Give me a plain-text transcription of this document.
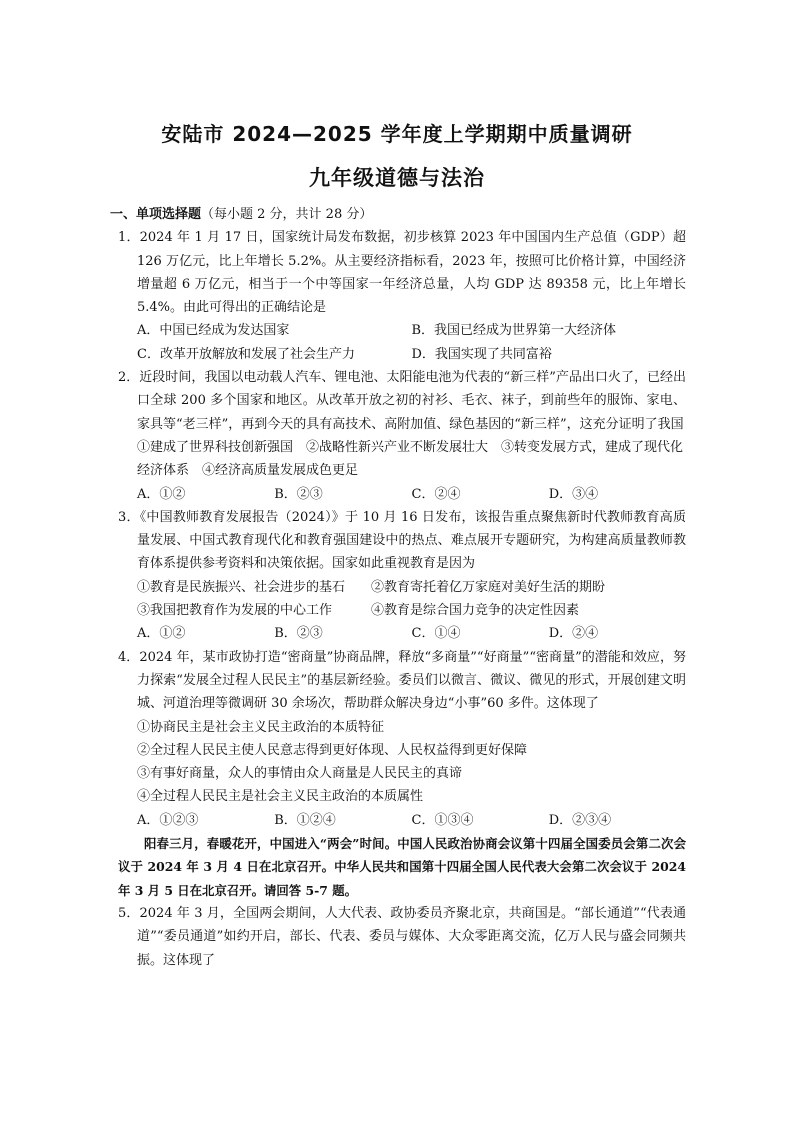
安陆市 2024—2025 学年度上学期期中质量调研
九年级道德与法治
一、单项选择题（每小题 2 分，共计 28 分）
1．2024 年 1 月 17 日，国家统计局发布数据，初步核算 2023 年中国国内生产总值（GDP）超 126 万亿元，比上年增长 5.2%。从主要经济指标看，2023 年，按照可比价格计算，中国经济增量超 6 万亿元，相当于一个中等国家一年经济总量，人均 GDP 达 89358 元，比上年增长 5.4%。由此可得出的正确结论是
A．中国已经成为发达国家	B．我国已经成为世界第一大经济体
C．改革开放解放和发展了社会生产力	D．我国实现了共同富裕
2．近段时间，我国以电动载人汽车、锂电池、太阳能电池为代表的“新三样”产品出口火了，已经出口全球 200 多个国家和地区。从改革开放之初的衬衫、毛衣、袜子，到前些年的服饰、家电、家具等“老三样”，再到今天的具有高技术、高附加值、绿色基因的“新三样”，这充分证明了我国
①建成了世界科技创新强国　②战略性新兴产业不断发展壮大　③转变发展方式，建成了现代化经济体系　④经济高质量发展成色更足
A．①②	B．②③	C．②④	D．③④
3．《中国教师教育发展报告（2024）》于 10 月 16 日发布，该报告重点聚焦新时代教师教育高质量发展、中国式教育现代化和教育强国建设中的热点、难点展开专题研究，为构建高质量教师教育体系提供参考资料和决策依据。国家如此重视教育是因为
①教育是民族振兴、社会进步的基石　　②教育寄托着亿万家庭对美好生活的期盼
③我国把教育作为发展的中心工作　　　④教育是综合国力竞争的决定性因素
A．①②	B．②③	C．①④	D．②④
4．2024 年，某市政协打造“密商量”协商品牌，释放“多商量”“好商量”“密商量”的潜能和效应，努力探索“发展全过程人民民主”的基层新经验。委员们以微言、微议、微见的形式，开展创建文明城、河道治理等微调研 30 余场次，帮助群众解决身边“小事”60 多件。这体现了
①协商民主是社会主义民主政治的本质特征
②全过程人民民主使人民意志得到更好体现、人民权益得到更好保障
③有事好商量，众人的事情由众人商量是人民民主的真谛
④全过程人民民主是社会主义民主政治的本质属性
A．①②③	B．①②④	C．①③④	D．②③④
阳春三月，春暖花开，中国进入“两会”时间。中国人民政治协商会议第十四届全国委员会第二次会议于 2024 年 3 月 4 日在北京召开。中华人民共和国第十四届全国人民代表大会第二次会议于 2024 年 3 月 5 日在北京召开。请回答 5-7 题。
5．2024 年 3 月，全国两会期间，人大代表、政协委员齐聚北京，共商国是。“部长通道”“代表通道”“委员通道”如约开启，部长、代表、委员与媒体、大众零距离交流，亿万人民与盛会同频共振。这体现了
